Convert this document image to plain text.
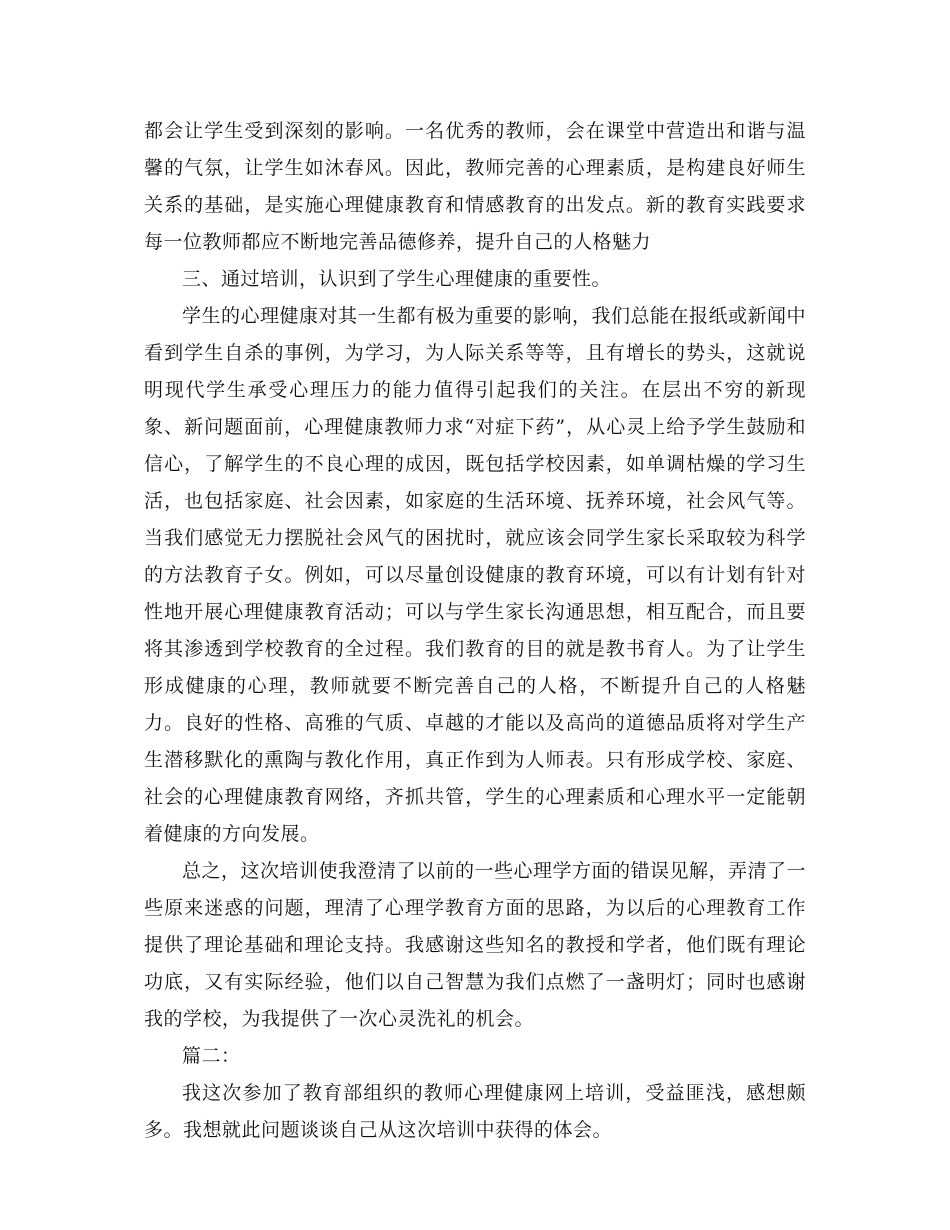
都会让学生受到深刻的影响。一名优秀的教师，会在课堂中营造出和谐与温馨的气氛，让学生如沐春风。因此，教师完善的心理素质，是构建良好师生关系的基础，是实施心理健康教育和情感教育的出发点。新的教育实践要求每一位教师都应不断地完善品德修养，提升自己的人格魅力

三、通过培训，认识到了学生心理健康的重要性。

学生的心理健康对其一生都有极为重要的影响，我们总能在报纸或新闻中看到学生自杀的事例，为学习，为人际关系等等，且有增长的势头，这就说明现代学生承受心理压力的能力值得引起我们的关注。在层出不穷的新现象、新问题面前，心理健康教师力求“对症下药”，从心灵上给予学生鼓励和信心，了解学生的不良心理的成因，既包括学校因素，如单调枯燥的学习生活，也包括家庭、社会因素，如家庭的生活环境、抚养环境，社会风气等。当我们感觉无力摆脱社会风气的困扰时，就应该会同学生家长采取较为科学的方法教育子女。例如，可以尽量创设健康的教育环境，可以有计划有针对性地开展心理健康教育活动；可以与学生家长沟通思想，相互配合，而且要将其渗透到学校教育的全过程。我们教育的目的就是教书育人。为了让学生形成健康的心理，教师就要不断完善自己的人格，不断提升自己的人格魅力。良好的性格、高雅的气质、卓越的才能以及高尚的道德品质将对学生产生潜移默化的熏陶与教化作用，真正作到为人师表。只有形成学校、家庭、社会的心理健康教育网络，齐抓共管，学生的心理素质和心理水平一定能朝着健康的方向发展。

总之，这次培训使我澄清了以前的一些心理学方面的错误见解，弄清了一些原来迷惑的问题，理清了心理学教育方面的思路，为以后的心理教育工作提供了理论基础和理论支持。我感谢这些知名的教授和学者，他们既有理论功底，又有实际经验，他们以自己智慧为我们点燃了一盏明灯；同时也感谢我的学校，为我提供了一次心灵洗礼的机会。

篇二：

我这次参加了教育部组织的教师心理健康网上培训，受益匪浅，感想颇多。我想就此问题谈谈自己从这次培训中获得的体会。
